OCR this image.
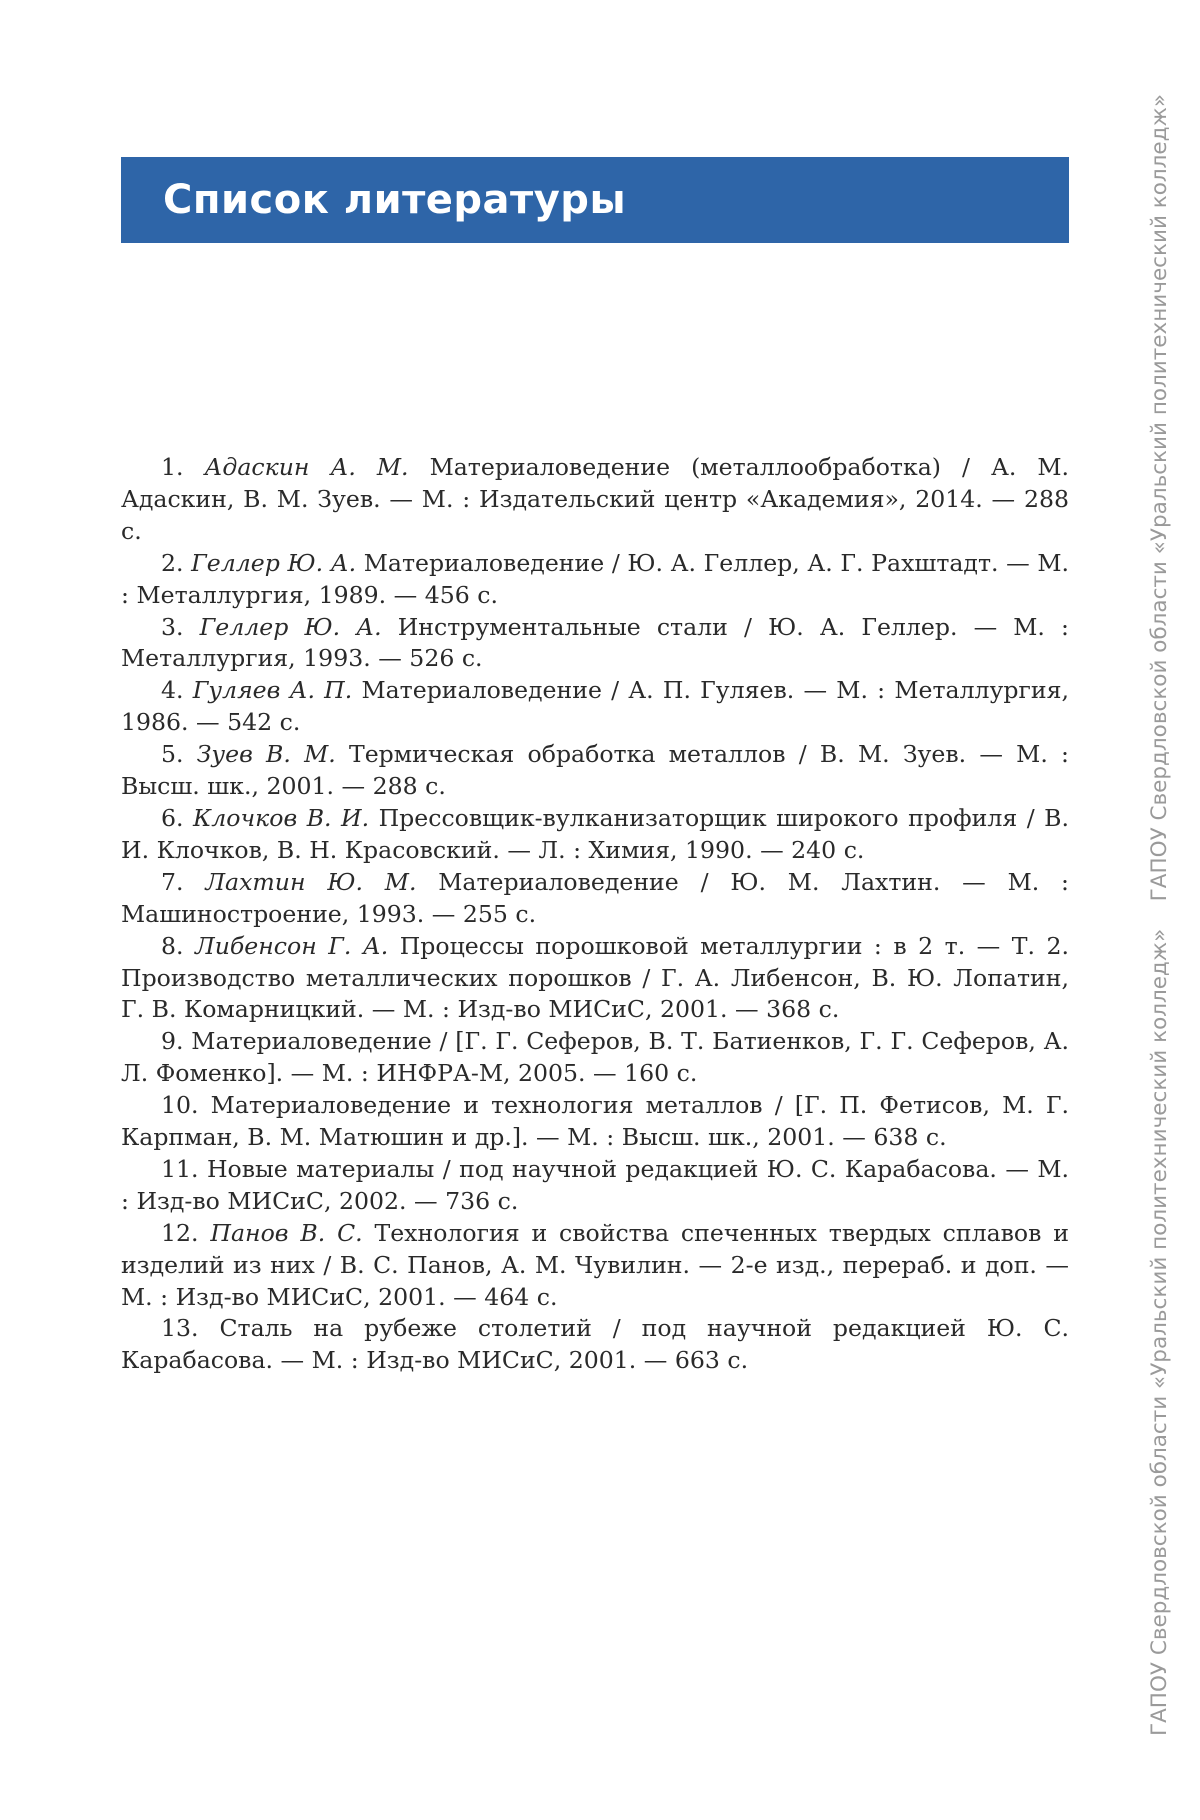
Список литературы

1. Адаскин А. М. Материаловедение (металлообработка) / А. М. Адаскин, В. М. Зуев. — М. : Издательский центр «Академия», 2014. — 288 с.

2. Геллер Ю. А. Материаловедение / Ю. А. Геллер, А. Г. Рахштадт. — М. : Металлургия, 1989. — 456 с.

3. Геллер Ю. А. Инструментальные стали / Ю. А. Геллер. — М. : Металлургия, 1993. — 526 с.

4. Гуляев А. П. Материаловедение / А. П. Гуляев. — М. : Металлургия, 1986. — 542 с.

5. Зуев В. М. Термическая обработка металлов / В. М. Зуев. — М. : Высш. шк., 2001. — 288 с.

6. Клочков В. И. Прессовщик-вулканизаторщик широкого профиля / В. И. Клочков, В. Н. Красовский. — Л. : Химия, 1990. — 240 с.

7. Лахтин Ю. М. Материаловедение / Ю. М. Лахтин. — М. : Машиностроение, 1993. — 255 с.

8. Либенсон Г. А. Процессы порошковой металлургии : в 2 т. — Т. 2. Производство металлических порошков / Г. А. Либенсон, В. Ю. Лопатин, Г. В. Комарницкий. — М. : Изд-во МИСиС, 2001. — 368 с.

9. Материаловедение / [Г. Г. Сеферов, В. Т. Батиенков, Г. Г. Сеферов, А. Л. Фоменко]. — М. : ИНФРА-М, 2005. — 160 с.

10. Материаловедение и технология металлов / [Г. П. Фетисов, М. Г. Карпман, В. М. Матюшин и др.]. — М. : Высш. шк., 2001. — 638 с.

11. Новые материалы / под научной редакцией Ю. С. Карабасова. — М. : Изд-во МИСиС, 2002. — 736 с.

12. Панов В. С. Технология и свойства спеченных твердых сплавов и изделий из них / В. С. Панов, А. М. Чувилин. — 2-е изд., перераб. и доп. — М. : Изд-во МИСиС, 2001. — 464 с.

13. Сталь на рубеже столетий / под научной редакцией Ю. С. Карабасова. — М. : Изд-во МИСиС, 2001. — 663 с.	ГАПОУ Свердловской области «Уральский политехнический колледж»    ГАПОУ Свердловской области «Уральский политехнический колледж»
